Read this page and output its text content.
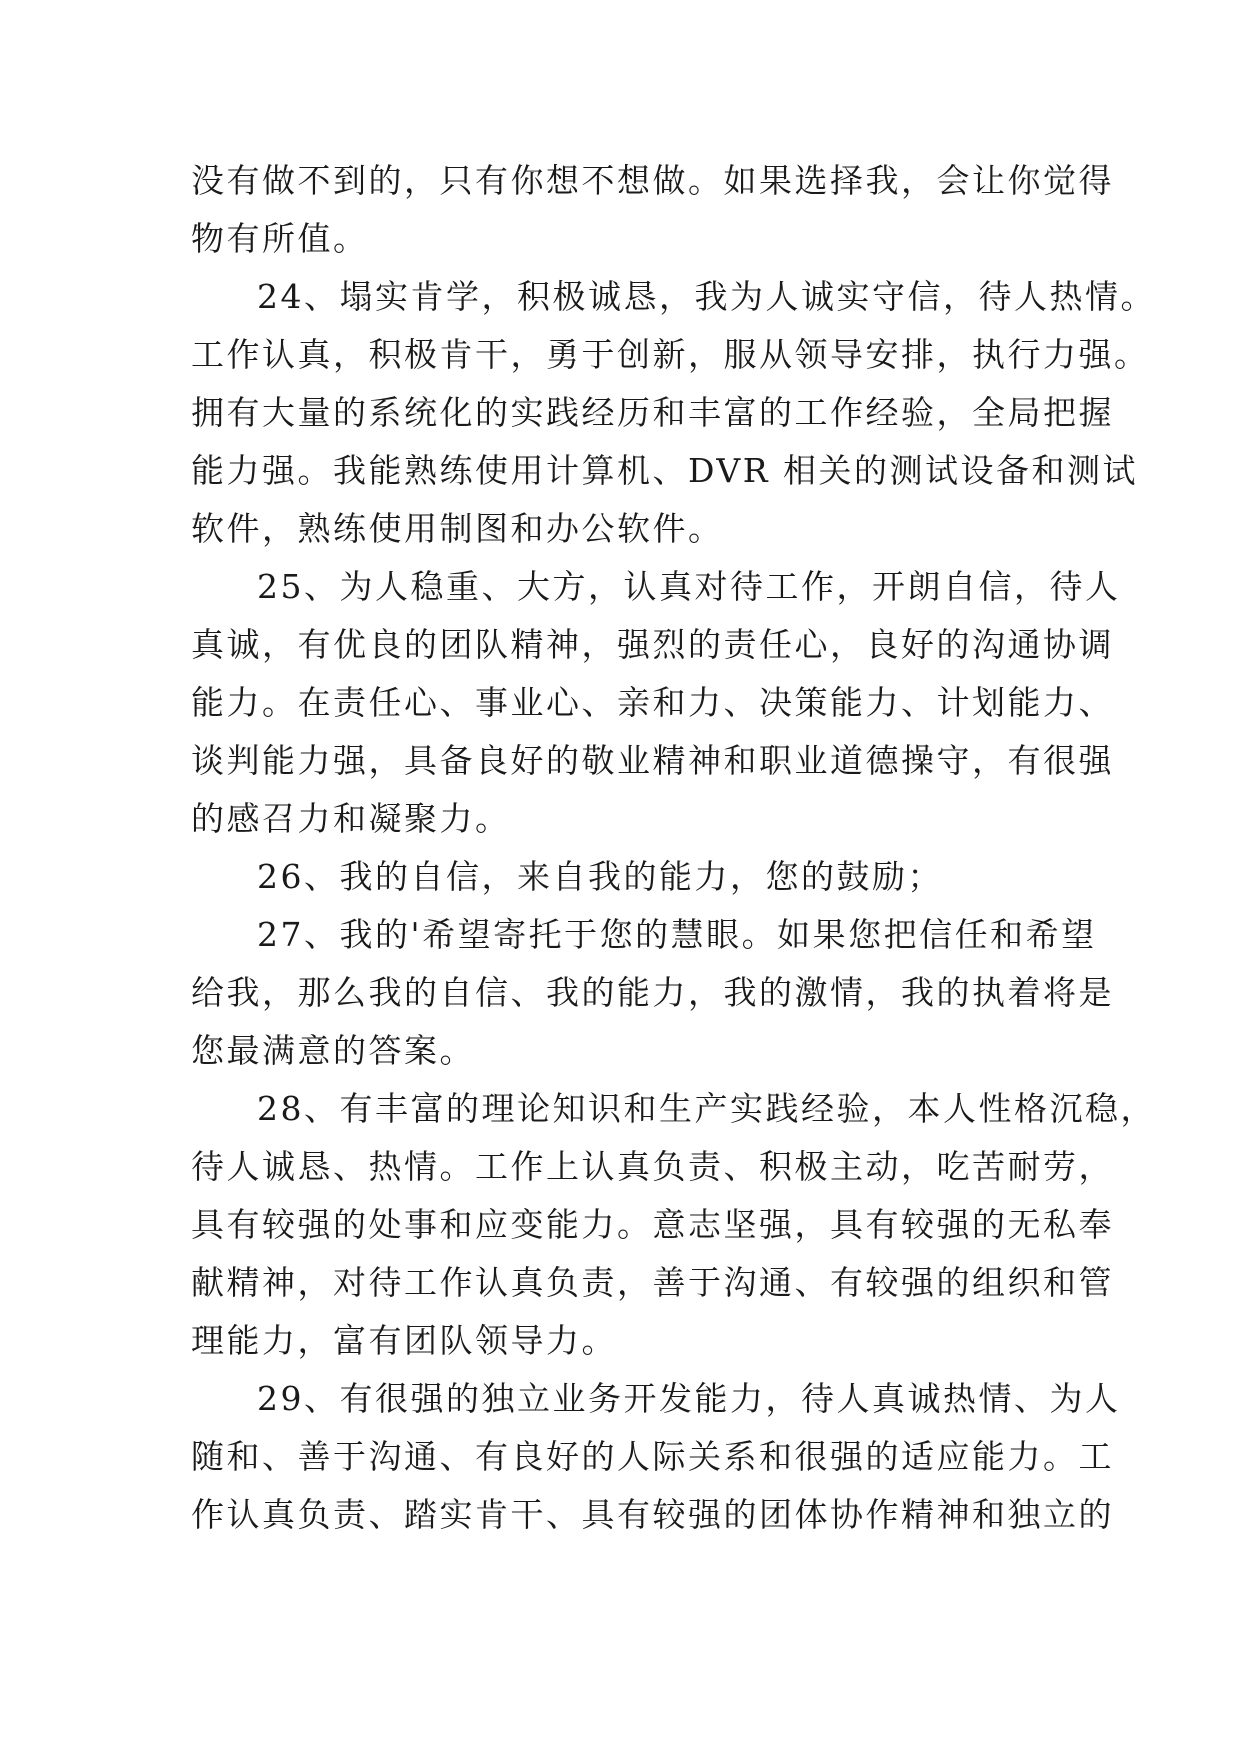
没有做不到的，只有你想不想做。如果选择我，会让你觉得
物有所值。
24、塌实肯学，积极诚恳，我为人诚实守信，待人热情。
工作认真，积极肯干，勇于创新，服从领导安排，执行力强。
拥有大量的系统化的实践经历和丰富的工作经验，全局把握
能力强。我能熟练使用计算机、DVR 相关的测试设备和测试
软件，熟练使用制图和办公软件。
25、为人稳重、大方，认真对待工作，开朗自信，待人
真诚，有优良的团队精神，强烈的责任心，良好的沟通协调
能力。在责任心、事业心、亲和力、决策能力、计划能力、
谈判能力强，具备良好的敬业精神和职业道德操守，有很强
的感召力和凝聚力。
26、我的自信，来自我的能力，您的鼓励；
27、我的'希望寄托于您的慧眼。如果您把信任和希望
给我，那么我的自信、我的能力，我的激情，我的执着将是
您最满意的答案。
28、有丰富的理论知识和生产实践经验，本人性格沉稳，
待人诚恳、热情。工作上认真负责、积极主动，吃苦耐劳，
具有较强的处事和应变能力。意志坚强，具有较强的无私奉
献精神，对待工作认真负责，善于沟通、有较强的组织和管
理能力，富有团队领导力。
29、有很强的独立业务开发能力，待人真诚热情、为人
随和、善于沟通、有良好的人际关系和很强的适应能力。工
作认真负责、踏实肯干、具有较强的团体协作精神和独立的
